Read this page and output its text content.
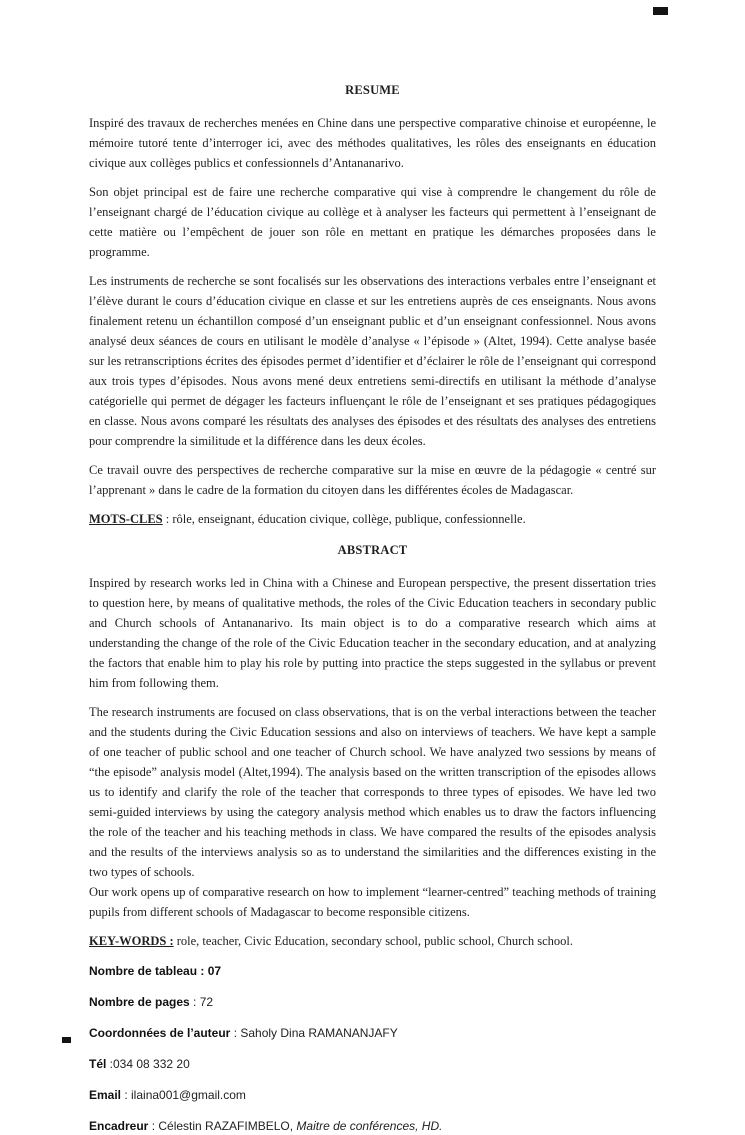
RESUME

Inspiré des travaux de recherches menées en Chine dans une perspective comparative chinoise et européenne, le mémoire tutoré tente d’interroger ici, avec des méthodes qualitatives, les rôles des enseignants en éducation civique aux collèges publics et confessionnels d’Antananarivo.

Son objet principal est de faire une recherche comparative qui vise à comprendre le changement du rôle de l’enseignant chargé de l’éducation civique au collège et à analyser les facteurs qui permettent à l’enseignant de cette matière ou l’empêchent de jouer son rôle en mettant en pratique les démarches proposées dans le programme.

Les instruments de recherche se sont focalisés sur les observations des interactions verbales entre l’enseignant et l’élève durant le cours d’éducation civique en classe et sur les entretiens auprès de ces enseignants. Nous avons finalement retenu un échantillon composé d’un enseignant public et d’un enseignant confessionnel. Nous avons analysé deux séances de cours en utilisant le modèle d’analyse « l’épisode » (Altet, 1994). Cette analyse basée sur les retranscriptions écrites des épisodes permet d’identifier et d’éclairer le rôle de l’enseignant qui correspond aux trois types d’épisodes. Nous avons mené deux entretiens semi-directifs en utilisant la méthode d’analyse catégorielle qui permet de dégager les facteurs influençant le rôle de l’enseignant et ses pratiques pédagogiques en classe. Nous avons comparé les résultats des analyses des épisodes et des résultats des analyses des entretiens pour comprendre la similitude et la différence dans les deux écoles.

Ce travail ouvre des perspectives de recherche comparative sur la mise en œuvre de la pédagogie « centré sur l’apprenant » dans le cadre de la formation du citoyen dans les différentes écoles de Madagascar.

MOTS-CLES : rôle, enseignant, éducation civique, collège, publique, confessionnelle.

ABSTRACT

Inspired by research works led in China with a Chinese and European perspective, the present dissertation tries to question here, by means of qualitative methods, the roles of the Civic Education teachers in secondary public and Church schools of Antananarivo. Its main object is to do a comparative research which aims at understanding the change of the role of the Civic Education teacher in the secondary education, and at analyzing the factors that enable him to play his role by putting into practice the steps suggested in the syllabus or prevent him from following them.

The research instruments are focused on class observations, that is on the verbal interactions between the teacher and the students during the Civic Education sessions and also on interviews of teachers. We have kept a sample of one teacher of public school and one teacher of Church school. We have analyzed two sessions by means of “the episode” analysis model (Altet,1994). The analysis based on the written transcription of the episodes allows us to identify and clarify the role of the teacher that corresponds to three types of episodes. We have led two semi-guided interviews by using the category analysis method which enables us to draw the factors influencing the role of the teacher and his teaching methods in class. We have compared the results of the episodes analysis and the results of the interviews analysis so as to understand the similarities and the differences existing in the two types of schools.

Our work opens up of comparative research on how to implement “learner-centred” teaching methods of training pupils from different schools of Madagascar to become responsible citizens.

KEY-WORDS : role, teacher, Civic Education, secondary school, public school, Church school.

Nombre de tableau : 07

Nombre de pages : 72

Coordonnées de l’auteur : Saholy Dina RAMANANJAFY

Tél :034 08 332 20

Email : ilaina001@gmail.com

Encadreur : Célestin RAZAFIMBELO, Maitre de conférences, HD.
